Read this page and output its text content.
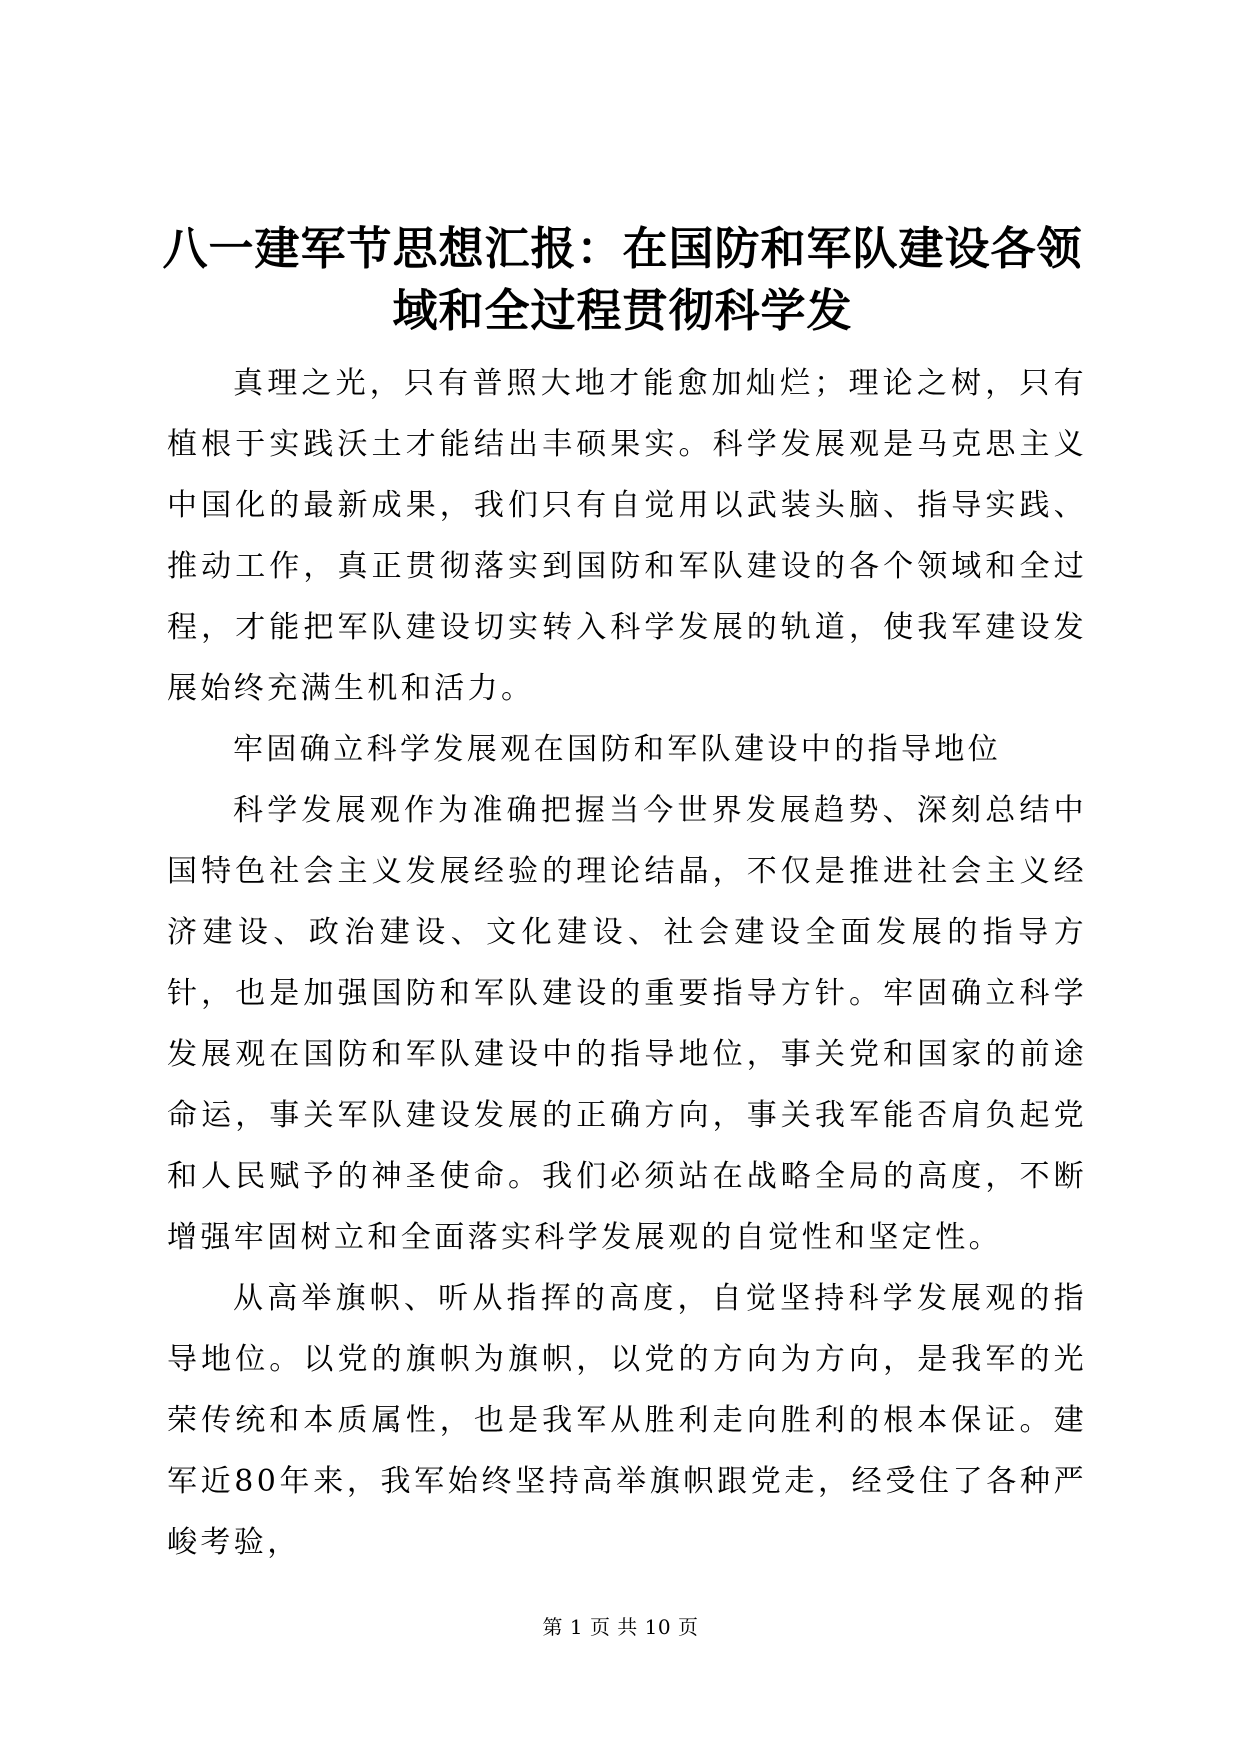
八一建军节思想汇报：在国防和军队建设各领域和全过程贯彻科学发

真理之光，只有普照大地才能愈加灿烂；理论之树，只有植根于实践沃土才能结出丰硕果实。科学发展观是马克思主义中国化的最新成果，我们只有自觉用以武装头脑、指导实践、推动工作，真正贯彻落实到国防和军队建设的各个领域和全过程，才能把军队建设切实转入科学发展的轨道，使我军建设发展始终充满生机和活力。

牢固确立科学发展观在国防和军队建设中的指导地位

科学发展观作为准确把握当今世界发展趋势、深刻总结中国特色社会主义发展经验的理论结晶，不仅是推进社会主义经济建设、政治建设、文化建设、社会建设全面发展的指导方针，也是加强国防和军队建设的重要指导方针。牢固确立科学发展观在国防和军队建设中的指导地位，事关党和国家的前途命运，事关军队建设发展的正确方向，事关我军能否肩负起党和人民赋予的神圣使命。我们必须站在战略全局的高度，不断增强牢固树立和全面落实科学发展观的自觉性和坚定性。

从高举旗帜、听从指挥的高度，自觉坚持科学发展观的指导地位。以党的旗帜为旗帜，以党的方向为方向，是我军的光荣传统和本质属性，也是我军从胜利走向胜利的根本保证。建军近80年来，我军始终坚持高举旗帜跟党走，经受住了各种严峻考验，

第 1 页 共 10 页
